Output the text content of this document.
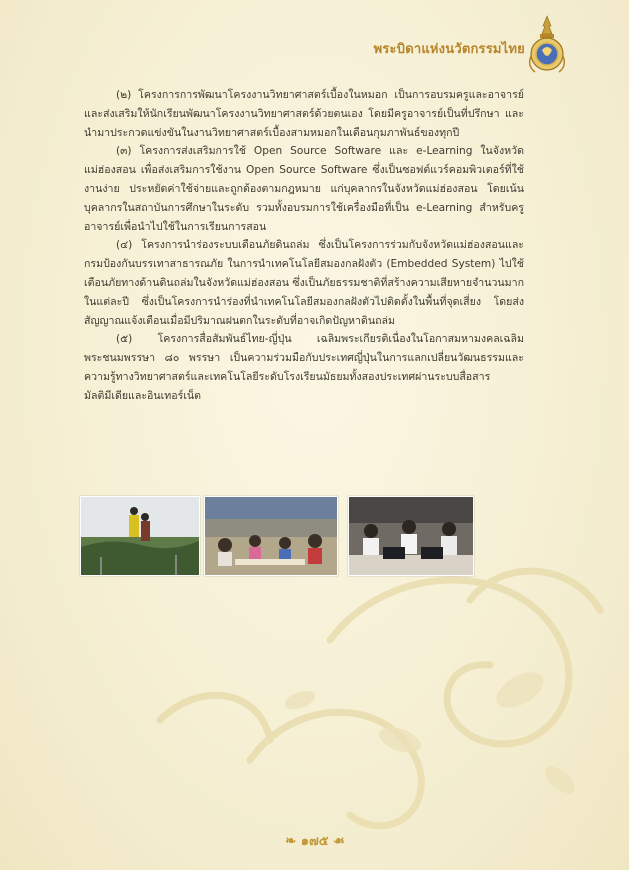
พระบิดาแห่งนวัตกรรมไทย

(๒) โครงการการพัฒนาโครงงานวิทยาศาสตร์เบื้องในหมอก เป็นการอบรมครูและอาจารย์ และส่งเสริมให้นักเรียนพัฒนาโครงงานวิทยาศาสตร์ด้วยตนเอง โดยมีครูอาจารย์เป็นที่ปรึกษา และนำมาประกวดแข่งขันในงานวิทยาศาสตร์เบื้องสามหมอกในเดือนกุมภาพันธ์ของทุกปี

(๓) โครงการส่งเสริมการใช้ Open Source Software และ e-Learning ในจังหวัดแม่ฮ่องสอน เพื่อส่งเสริมการใช้งาน Open Source Software ซึ่งเป็นซอฟต์แวร์คอมพิวเตอร์ที่ใช้งานง่าย ประหยัดค่าใช้จ่ายและถูกต้องตามกฎหมาย แก่บุคลากรในจังหวัดแม่ฮ่องสอน โดยเน้นบุคลากรในสถาบันการศึกษาในระดับ รวมทั้งอบรมการใช้เครื่องมือที่เป็น e-Learning สำหรับครูอาจารย์เพื่อนำไปใช้ในการเรียนการสอน

(๔) โครงการนำร่องระบบเตือนภัยดินถล่ม ซึ่งเป็นโครงการร่วมกับจังหวัดแม่ฮ่องสอนและกรมป้องกันบรรเทาสาธารณภัย ในการนำเทคโนโลยีสมองกลฝังตัว (Embedded System) ไปใช้เตือนภัยทางด้านดินถล่มในจังหวัดแม่ฮ่องสอน ซึ่งเป็นภัยธรรมชาติที่สร้างความเสียหายจำนวนมากในแต่ละปี ซึ่งเป็นโครงการนำร่องที่นำเทคโนโลยีสมองกลฝังตัวไปติดตั้งในพื้นที่จุดเสี่ยง โดยส่งสัญญาณแจ้งเตือนเมื่อมีปริมาณฝนตกในระดับที่อาจเกิดปัญหาดินถล่ม

(๕) โครงการสื่อสัมพันธ์ไทย-ญี่ปุ่น เฉลิมพระเกียรติเนื่องในโอกาสมหามงคลเฉลิมพระชนมพรรษา ๘๐ พรรษา เป็นความร่วมมือกับประเทศญี่ปุ่นในการแลกเปลี่ยนวัฒนธรรมและความรู้ทางวิทยาศาสตร์และเทคโนโลยีระดับโรงเรียนมัธยมทั้งสองประเทศผ่านระบบสื่อสารมัลติมีเดียและอินเทอร์เน็ต

❧ ๑๗๕ ☙
